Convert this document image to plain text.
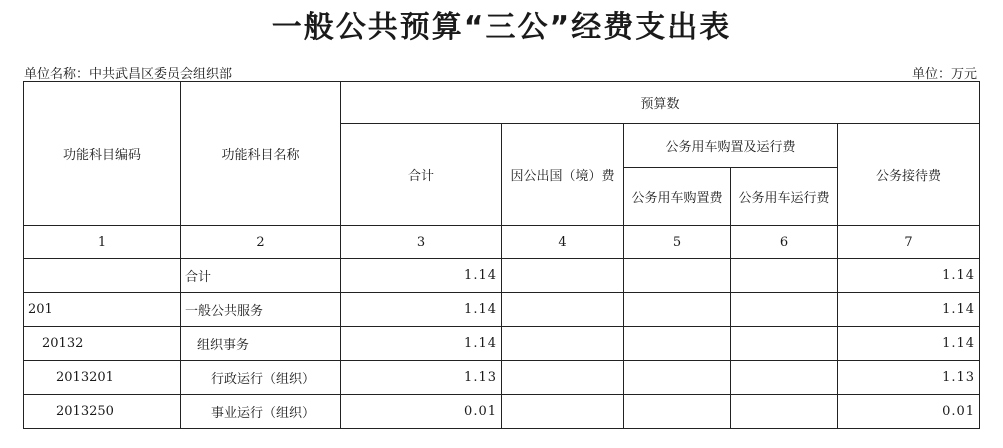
一般公共预算“三公”经费支出表
单位名称：中共武昌区委员会组织部	单位：万元
功能科目编码	功能科目名称	预算数				
		合计	因公出国（境）费	公务用车购置及运行费		公务接待费
				公务用车购置费	公务用车运行费	
1	2	3	4	5	6	7
	合计	1.14				1.14
201	一般公共服务	1.14				1.14
20132	组织事务	1.14				1.14
2013201	行政运行（组织）	1.13				1.13
2013250	事业运行（组织）	0.01				0.01
